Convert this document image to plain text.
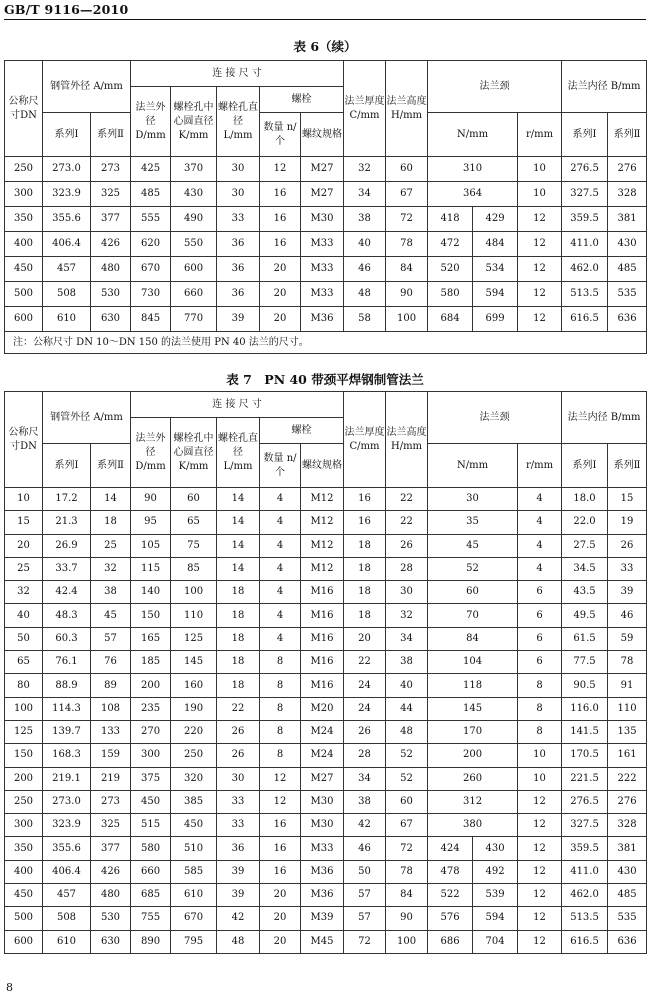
GB/T 9116—2010
表 6（续）
公称尺寸DN	钢管外径 A/mm		连 接 尺 寸					法兰厚度 C/mm	法兰高度 H/mm	法兰颈			法兰内径 B/mm	
			法兰外径 D/mm	螺栓孔中心圆直径 K/mm	螺栓孔直径 L/mm	螺栓								
	系列Ⅰ	系列Ⅱ				数量 n/个	螺纹规格			N/mm		r/mm	系列Ⅰ	系列Ⅱ
250	273.0	273	425	370	30	12	M27	32	60	310		10	276.5	276
300	323.9	325	485	430	30	16	M27	34	67	364		10	327.5	328
350	355.6	377	555	490	33	16	M30	38	72	418	429	12	359.5	381
400	406.4	426	620	550	36	16	M33	40	78	472	484	12	411.0	430
450	457	480	670	600	36	20	M33	46	84	520	534	12	462.0	485
500	508	530	730	660	36	20	M33	48	90	580	594	12	513.5	535
600	610	630	845	770	39	20	M36	58	100	684	699	12	616.5	636
注：公称尺寸 DN 10～DN 150 的法兰使用 PN 40 法兰的尺寸。														
表 7　PN 40 带颈平焊钢制管法兰
公称尺寸DN	钢管外径 A/mm		连 接 尺 寸					法兰厚度 C/mm	法兰高度 H/mm	法兰颈			法兰内径 B/mm	
			法兰外径 D/mm	螺栓孔中心圆直径 K/mm	螺栓孔直径 L/mm	螺栓								
	系列Ⅰ	系列Ⅱ				数量 n/个	螺纹规格			N/mm		r/mm	系列Ⅰ	系列Ⅱ
10	17.2	14	90	60	14	4	M12	16	22	30		4	18.0	15
15	21.3	18	95	65	14	4	M12	16	22	35		4	22.0	19
20	26.9	25	105	75	14	4	M12	18	26	45		4	27.5	26
25	33.7	32	115	85	14	4	M12	18	28	52		4	34.5	33
32	42.4	38	140	100	18	4	M16	18	30	60		6	43.5	39
40	48.3	45	150	110	18	4	M16	18	32	70		6	49.5	46
50	60.3	57	165	125	18	4	M16	20	34	84		6	61.5	59
65	76.1	76	185	145	18	8	M16	22	38	104		6	77.5	78
80	88.9	89	200	160	18	8	M16	24	40	118		8	90.5	91
100	114.3	108	235	190	22	8	M20	24	44	145		8	116.0	110
125	139.7	133	270	220	26	8	M24	26	48	170		8	141.5	135
150	168.3	159	300	250	26	8	M24	28	52	200		10	170.5	161
200	219.1	219	375	320	30	12	M27	34	52	260		10	221.5	222
250	273.0	273	450	385	33	12	M30	38	60	312		12	276.5	276
300	323.9	325	515	450	33	16	M30	42	67	380		12	327.5	328
350	355.6	377	580	510	36	16	M33	46	72	424	430	12	359.5	381
400	406.4	426	660	585	39	16	M36	50	78	478	492	12	411.0	430
450	457	480	685	610	39	20	M36	57	84	522	539	12	462.0	485
500	508	530	755	670	42	20	M39	57	90	576	594	12	513.5	535
600	610	630	890	795	48	20	M45	72	100	686	704	12	616.5	636
8
